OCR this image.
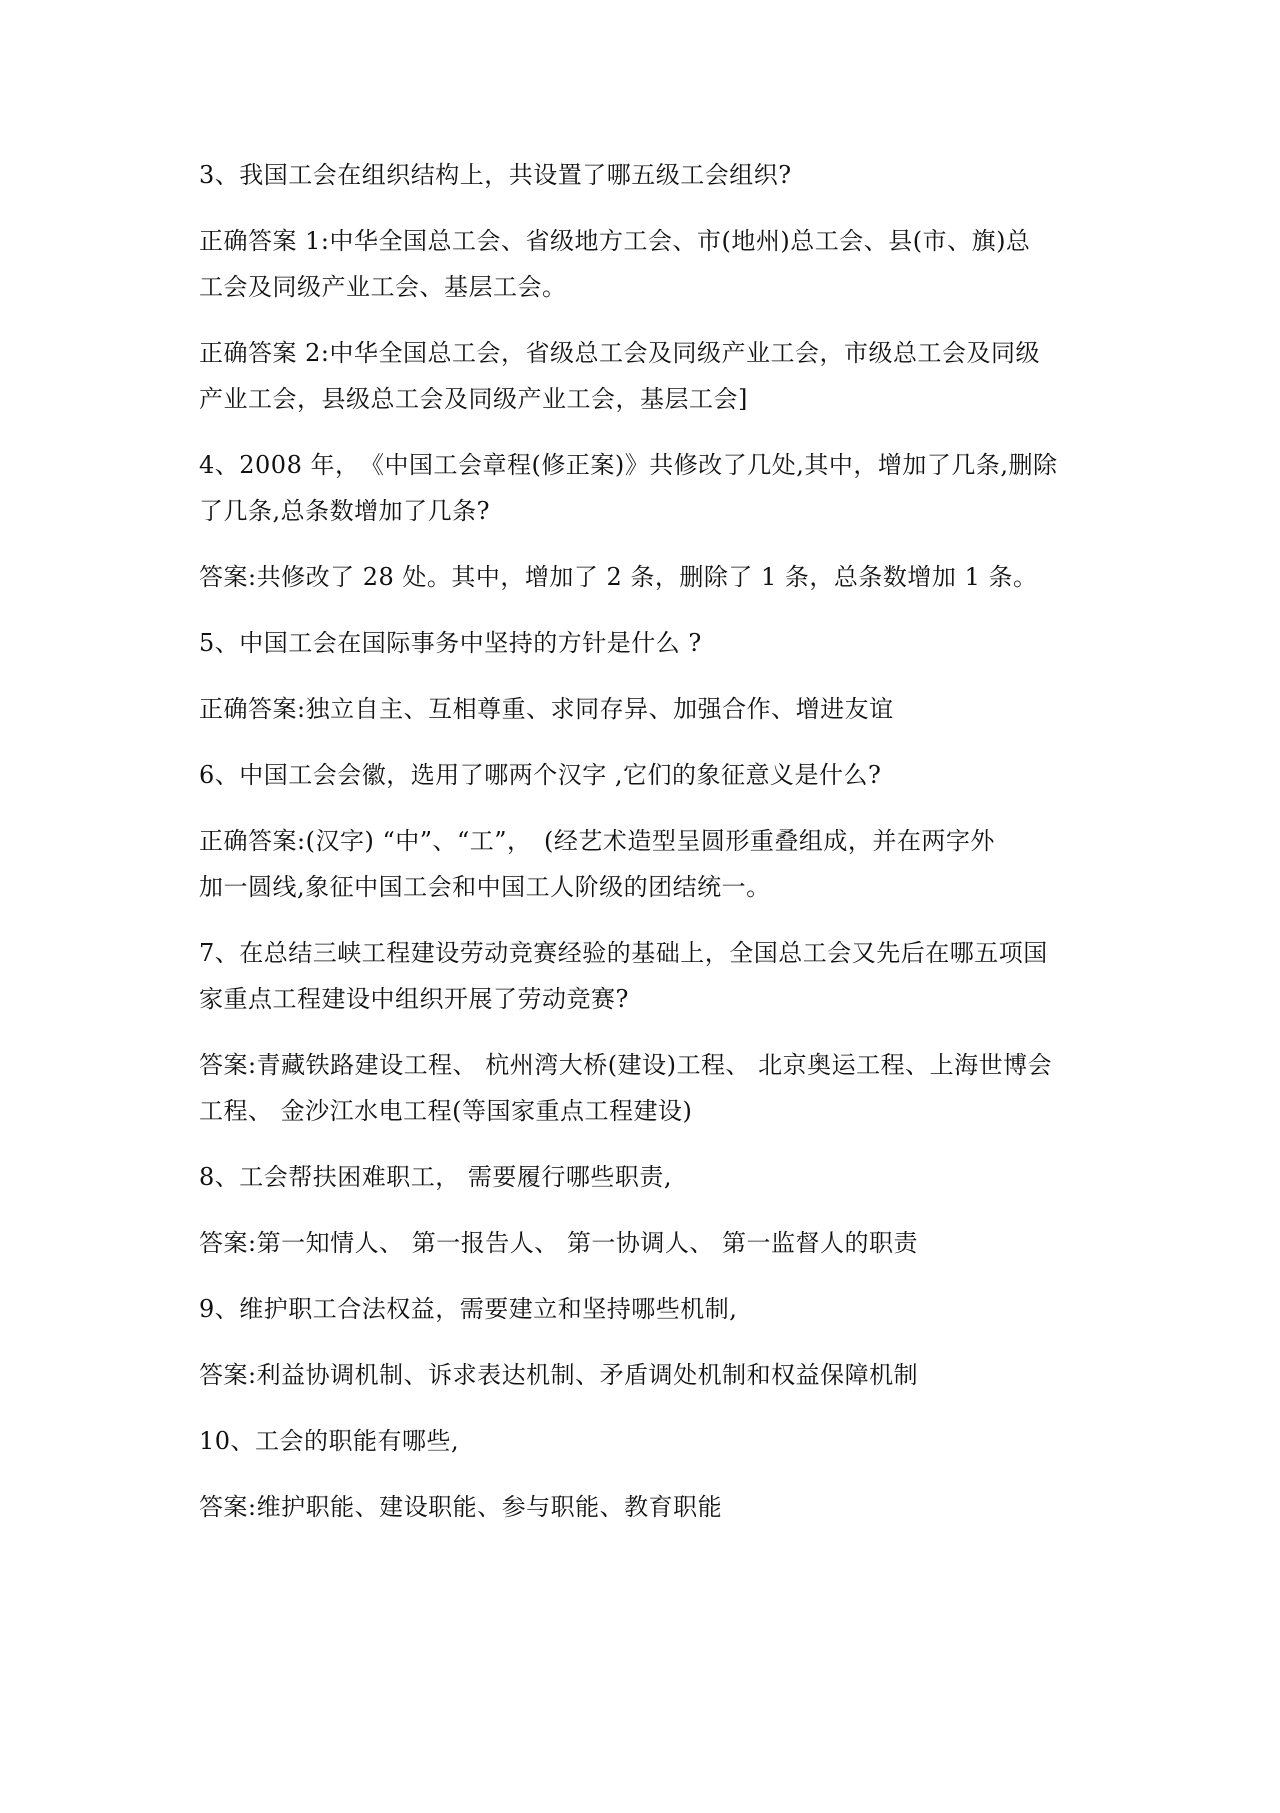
3、我国工会在组织结构上，共设置了哪五级工会组织?

正确答案 1:中华全国总工会、省级地方工会、市(地州)总工会、县(市、旗)总
工会及同级产业工会、基层工会。

正确答案 2:中华全国总工会，省级总工会及同级产业工会，市级总工会及同级
产业工会，县级总工会及同级产业工会，基层工会]

4、2008 年，　《中国工会章程(修正案)》共修改了几处,其中，增加了几条,删除
了几条,总条数增加了几条?

答案:共修改了 28 处。其中，增加了 2 条，删除了 1 条，总条数增加 1 条。

5、中国工会在国际事务中坚持的方针是什么 ?

正确答案:独立自主、互相尊重、求同存异、加强合作、增进友谊

6、中国工会会徽，选用了哪两个汉字 ,它们的象征意义是什么?

正确答案:(汉字) “中”、“工”，　(经艺术造型呈圆形重叠组成，并在两字外
加一圆线,象征中国工会和中国工人阶级的团结统一。

7、在总结三峡工程建设劳动竞赛经验的基础上，全国总工会又先后在哪五项国
家重点工程建设中组织开展了劳动竞赛?

答案:青藏铁路建设工程、 杭州湾大桥(建设)工程、 北京奥运工程、上海世博会
工程、 金沙江水电工程(等国家重点工程建设)

8、工会帮扶困难职工， 需要履行哪些职责,

答案:第一知情人、 第一报告人、 第一协调人、 第一监督人的职责

9、维护职工合法权益，需要建立和坚持哪些机制,

答案:利益协调机制、诉求表达机制、矛盾调处机制和权益保障机制

10、工会的职能有哪些,

答案:维护职能、建设职能、参与职能、教育职能
